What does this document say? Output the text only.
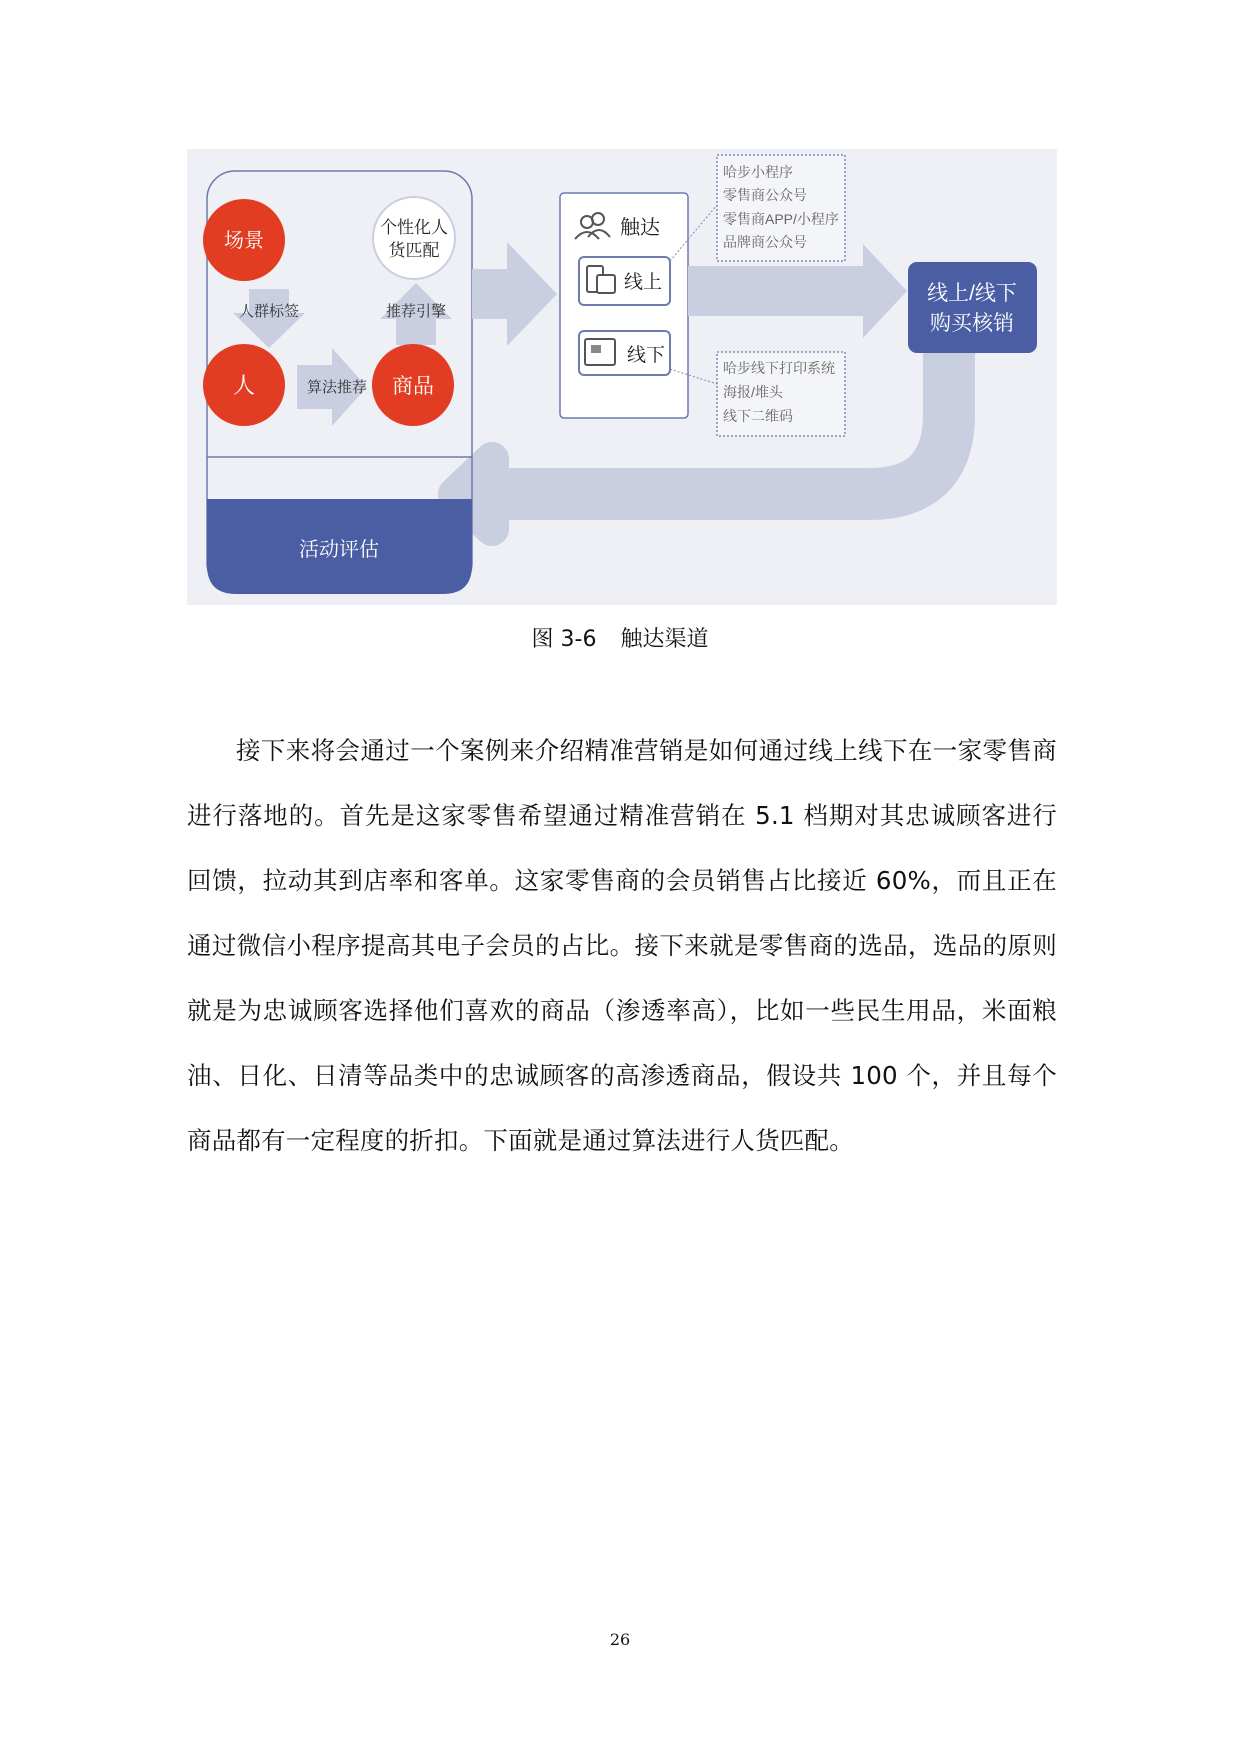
活动评估
人群标签	推荐引擎
算法推荐
场景
个性化人
货匹配
人	商品
触达
线上
线下
哈步小程序
零售商公众号
零售商APP/小程序
品牌商公众号
哈步线下打印系统
海报/堆头
线下二维码
线上/线下
购买核销
图 3-6 触达渠道

接下来将会通过一个案例来介绍精准营销是如何通过线上线下在一家零售商进行落地的。首先是这家零售希望通过精准营销在 5.1 档期对其忠诚顾客进行回馈，拉动其到店率和客单。这家零售商的会员销售占比接近 60%，而且正在通过微信小程序提高其电子会员的占比。接下来就是零售商的选品，选品的原则就是为忠诚顾客选择他们喜欢的商品（渗透率高），比如一些民生用品，米面粮油、日化、日清等品类中的忠诚顾客的高渗透商品，假设共 100 个，并且每个商品都有一定程度的折扣。下面就是通过算法进行人货匹配。

26
